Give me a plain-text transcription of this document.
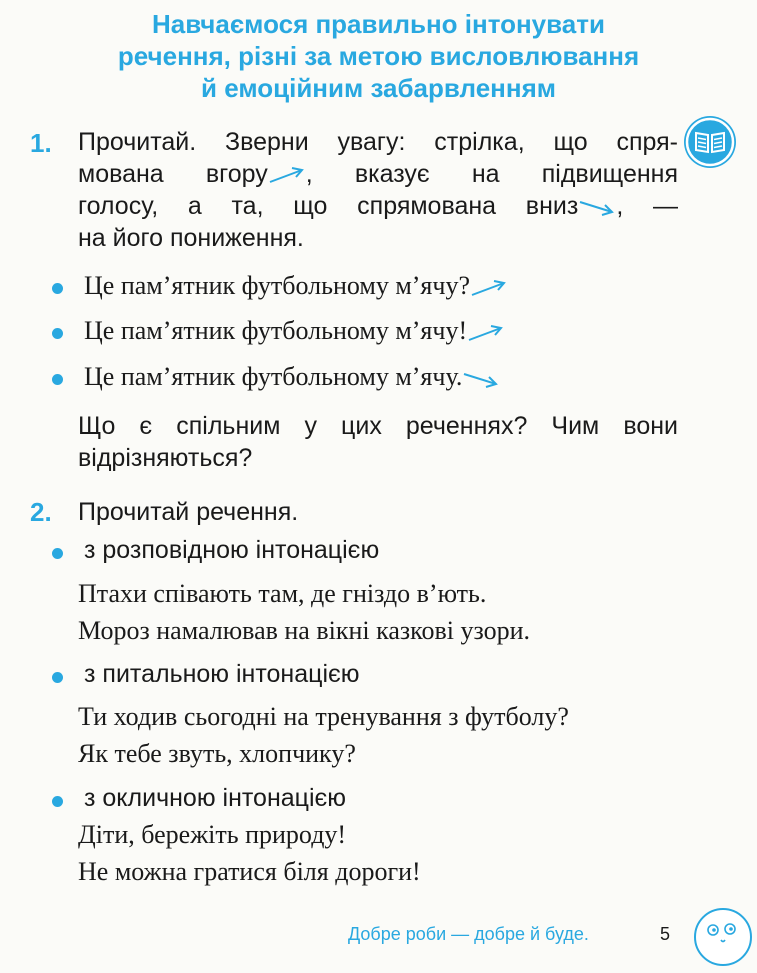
Навчаємося правильно інтонувати
речення, різні за метою висловлювання
й емоційним забарвленням
1. Прочитай. Зверни увагу: стрілка, що спря-
мована вгору , вказує на підвищення
голосу, а та, що спрямована вниз , —
на його пониження.
Це пам’ятник футбольному м’ячу?
Це пам’ятник футбольному м’ячу!
Це пам’ятник футбольному м’ячу.
Що є спільним у цих реченнях? Чим вони відрізняються?
2. Прочитай речення.
з розповідною інтонацією
Птахи співають там, де гніздо в’ють.
Мороз намалював на вікні казкові узори.
з питальною інтонацією
Ти ходив сьогодні на тренування з футболу?
Як тебе звуть, хлопчику?
з окличною інтонацією
Діти, бережіть природу!
Не можна гратися біля дороги!
Добре роби — добре й буде.	5
